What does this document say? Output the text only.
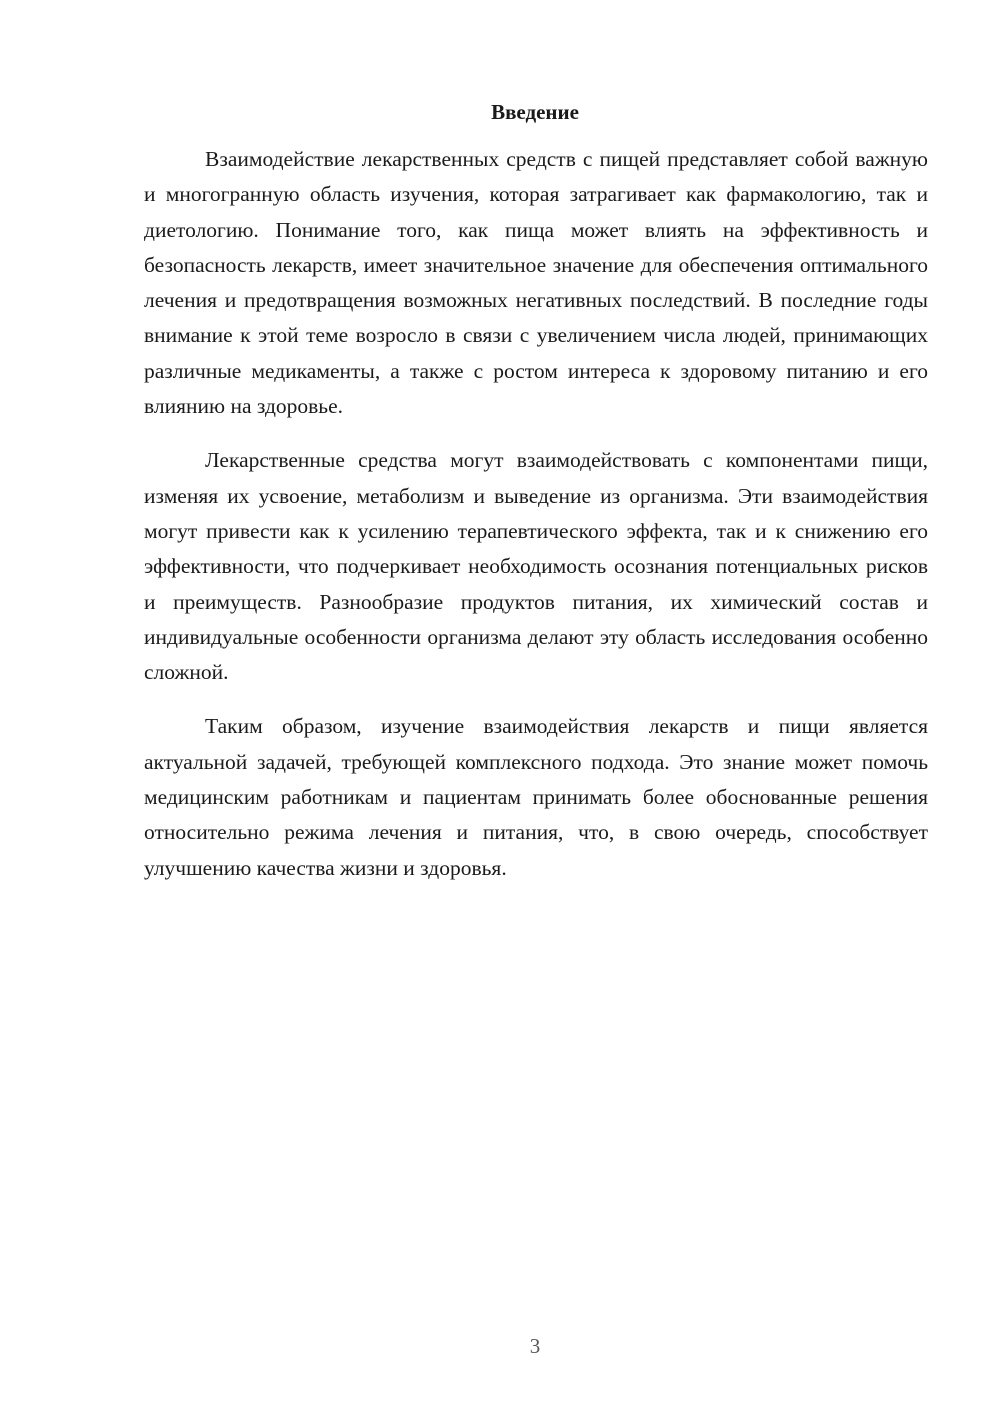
Введение

Взаимодействие лекарственных средств с пищей представляет собой важную и многогранную область изучения, которая затрагивает как фармакологию, так и диетологию. Понимание того, как пища может влиять на эффективность и безопасность лекарств, имеет значительное значение для обеспечения оптимального лечения и предотвращения возможных негативных последствий. В последние годы внимание к этой теме возросло в связи с увеличением числа людей, принимающих различные медикаменты, а также с ростом интереса к здоровому питанию и его влиянию на здоровье.

Лекарственные средства могут взаимодействовать с компонентами пищи, изменяя их усвоение, метаболизм и выведение из организма. Эти взаимодействия могут привести как к усилению терапевтического эффекта, так и к снижению его эффективности, что подчеркивает необходимость осознания потенциальных рисков и преимуществ. Разнообразие продуктов питания, их химический состав и индивидуальные особенности организма делают эту область исследования особенно сложной.

Таким образом, изучение взаимодействия лекарств и пищи является актуальной задачей, требующей комплексного подхода. Это знание может помочь медицинским работникам и пациентам принимать более обоснованные решения относительно режима лечения и питания, что, в свою очередь, способствует улучшению качества жизни и здоровья.

3
